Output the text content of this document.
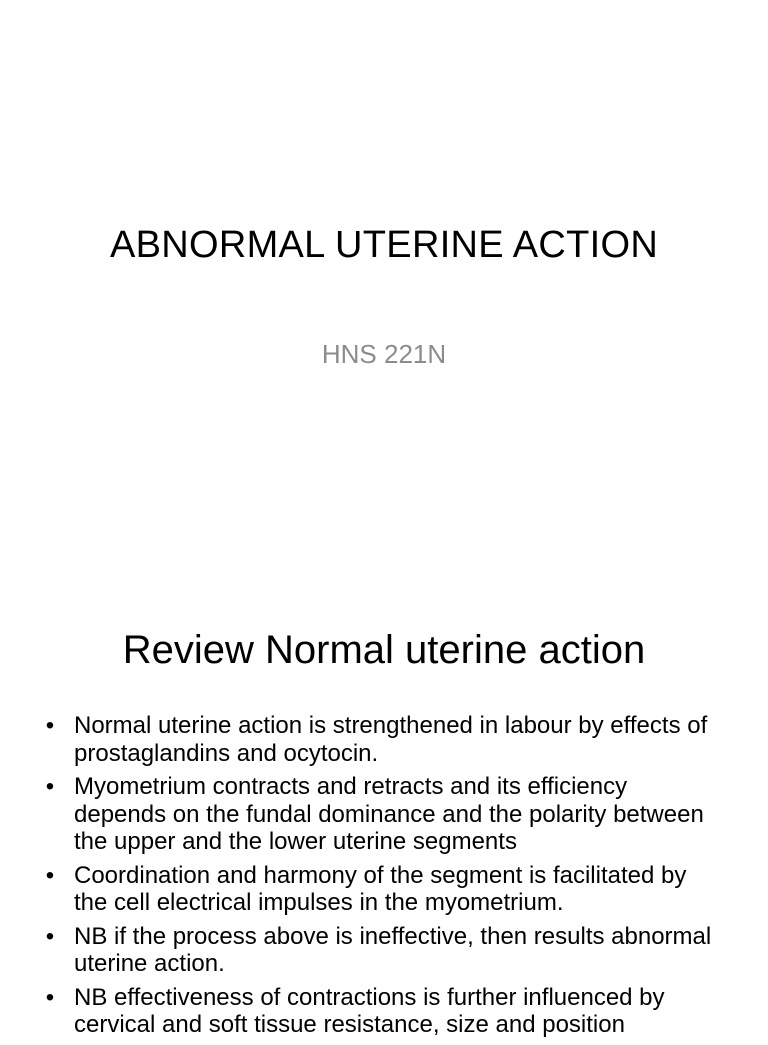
ABNORMAL UTERINE ACTION
HNS 221N
Review Normal uterine action
• Normal uterine action is strengthened in labour by effects of prostaglandins and ocytocin.
• Myometrium contracts and retracts and its efficiency depends on the fundal dominance and the polarity between the upper and the lower uterine segments
• Coordination and harmony of the segment is facilitated by the cell electrical impulses in the myometrium.
• NB if the process above is ineffective, then results abnormal uterine action.
• NB effectiveness of contractions is further influenced by cervical and soft tissue resistance, size and position
